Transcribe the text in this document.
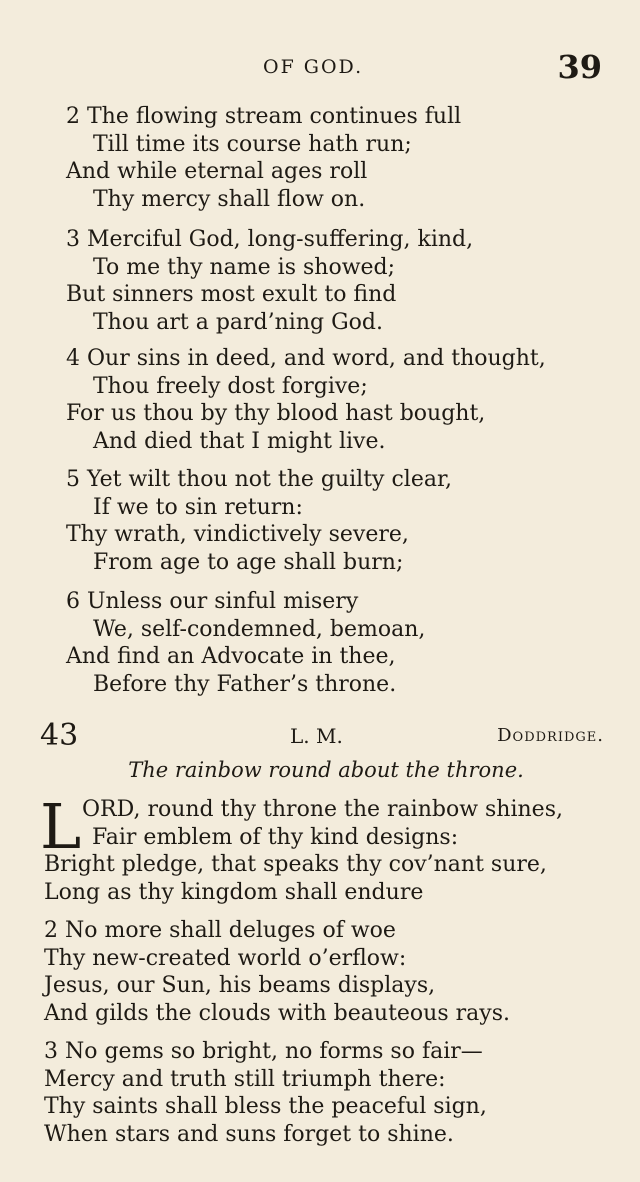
OF GOD.	39
2 The flowing stream continues full
Till time its course hath run;
And while eternal ages roll
Thy mercy shall flow on.
3 Merciful God, long-suffering, kind,
To me thy name is showed;
But sinners most exult to find
Thou art a pard’ning God.
4 Our sins in deed, and word, and thought,
Thou freely dost forgive;
For us thou by thy blood hast bought,
And died that I might live.
5 Yet wilt thou not the guilty clear,
If we to sin return:
Thy wrath, vindictively severe,
From age to age shall burn;
6 Unless our sinful misery
We, self-condemned, bemoan,
And find an Advocate in thee,
Before thy Father’s throne.
43	L. M.	Doddridge.
The rainbow round about the throne.
L ORD, round thy throne the rainbow shines,
Fair emblem of thy kind designs:
Bright pledge, that speaks thy cov’nant sure,
Long as thy kingdom shall endure
2 No more shall deluges of woe
Thy new-created world o’erflow:
Jesus, our Sun, his beams displays,
And gilds the clouds with beauteous rays.
3 No gems so bright, no forms so fair—
Mercy and truth still triumph there:
Thy saints shall bless the peaceful sign,
When stars and suns forget to shine.
